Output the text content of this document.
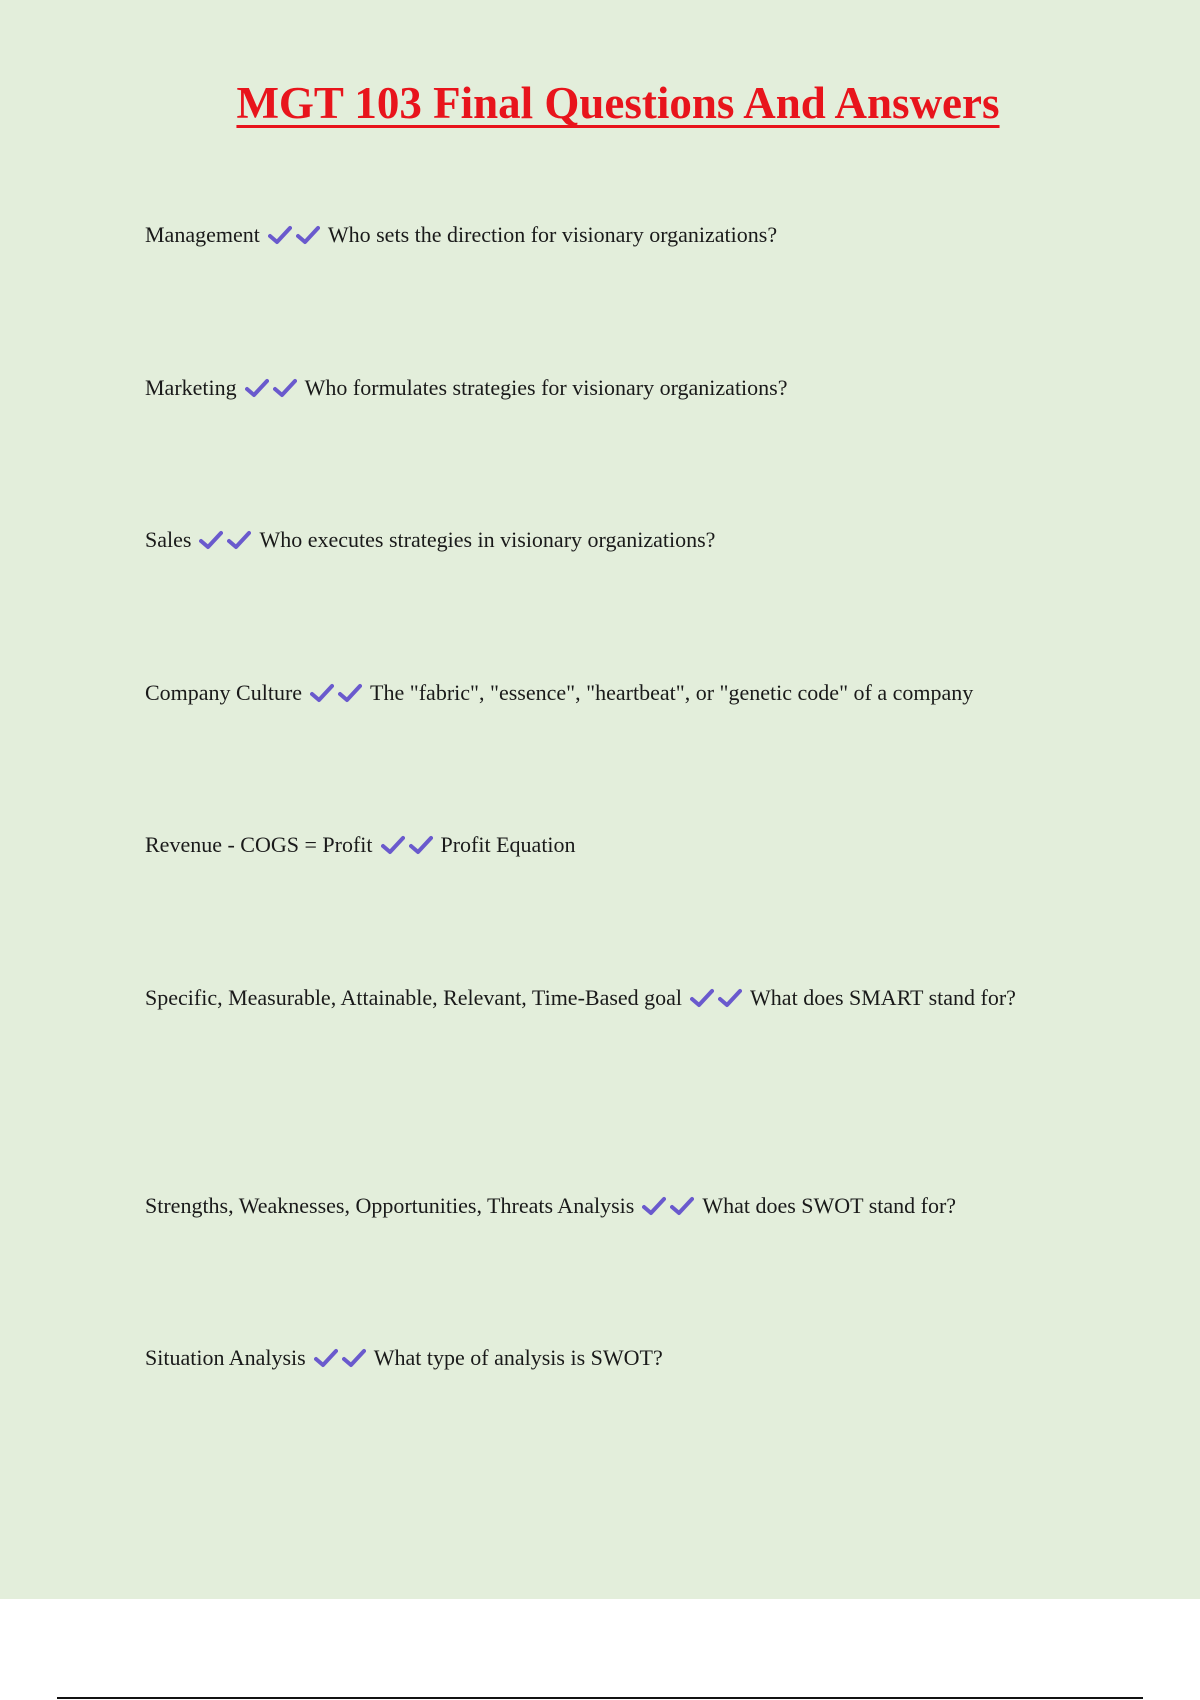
MGT 103 Final Questions And Answers
Management	Who sets the direction for visionary organizations?
Marketing	Who formulates strategies for visionary organizations?
Sales	Who executes strategies in visionary organizations?
Company Culture	The "fabric", "essence", "heartbeat", or "genetic code" of a company
Revenue - COGS = Profit	Profit Equation
Specific, Measurable, Attainable, Relevant, Time-Based goal	What does SMART stand for?
Strengths, Weaknesses, Opportunities, Threats Analysis	What does SWOT stand for?
Situation Analysis	What type of analysis is SWOT?
